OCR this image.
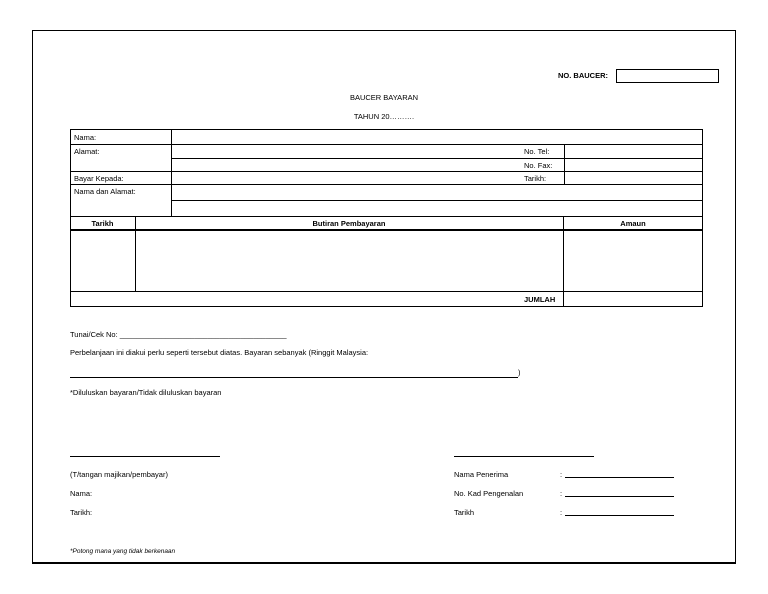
NO. BAUCER:
BAUCER BAYARAN
TAHUN 20……….
Nama:
Alamat:
Bayar Kepada:
Nama dan Alamat:
No. Tel:
No. Fax:
Tarikh:
Tarikh	Butiran Pembayaran	Amaun
JUMLAH
Tunai/Cek No: ________________________________________
Perbelanjaan ini diakui perlu seperti tersebut diatas. Bayaran sebanyak (Ringgit Malaysia:
)
*Diluluskan bayaran/Tidak diluluskan bayaran
(T/tangan majikan/pembayar)
Nama:
Tarikh:
Nama Penerima
No. Kad Pengenalan
Tarikh
:
:
:
*Potong mana yang tidak berkenaan
